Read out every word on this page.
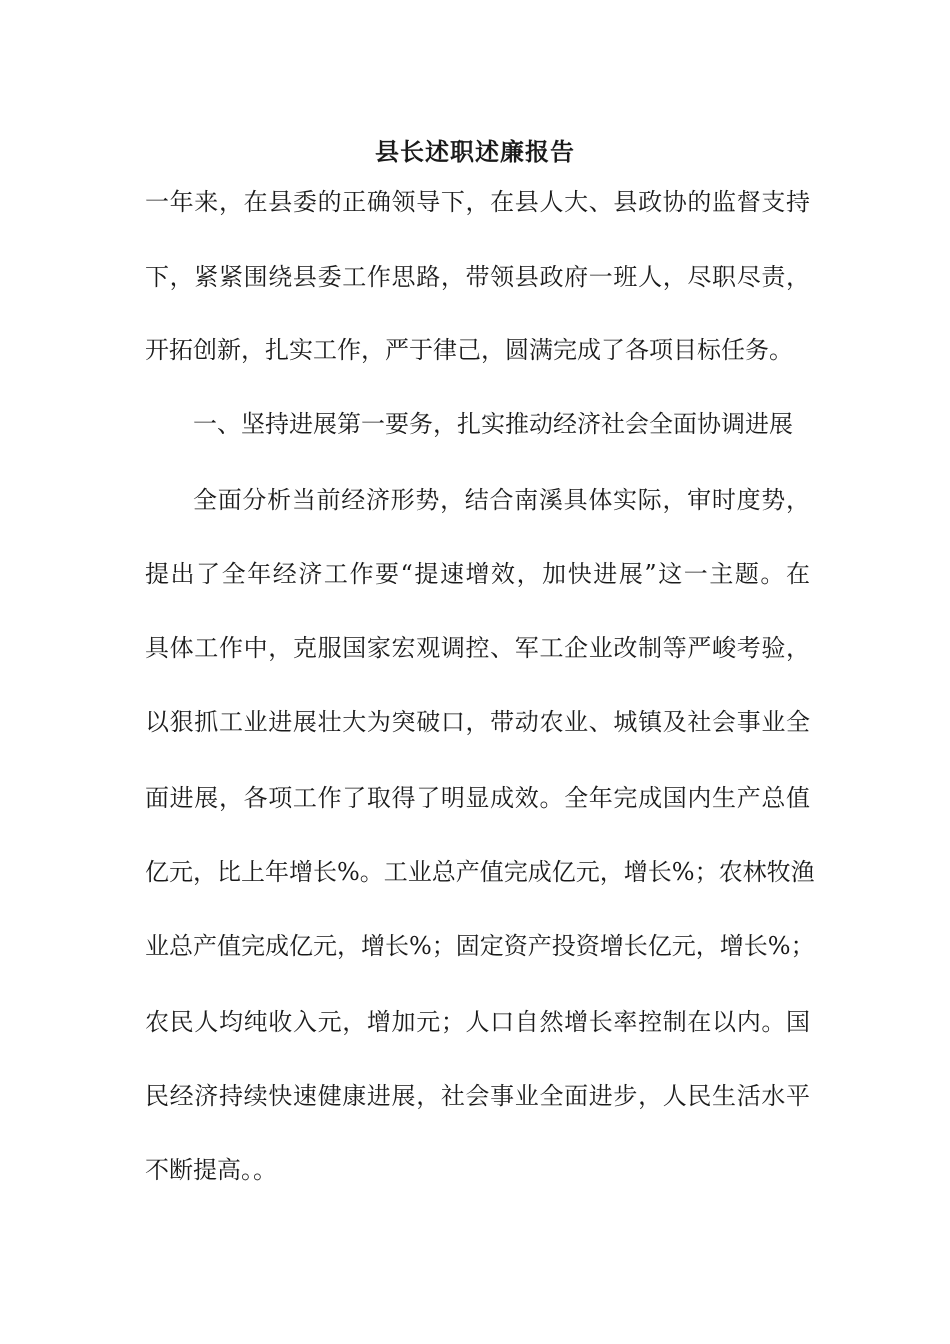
县长述职述廉报告
一年来，在县委的正确领导下，在县人大、县政协的监督支持
下，紧紧围绕县委工作思路，带领县政府一班人，尽职尽责，
开拓创新，扎实工作，严于律己，圆满完成了各项目标任务。
一、坚持进展第一要务，扎实推动经济社会全面协调进展
全面分析当前经济形势，结合南溪具体实际，审时度势，
提出了全年经济工作要“提速增效，加快进展”这一主题。在
具体工作中，克服国家宏观调控、军工企业改制等严峻考验，
以狠抓工业进展壮大为突破口，带动农业、城镇及社会事业全
面进展，各项工作了取得了明显成效。全年完成国内生产总值
亿元，比上年增长%。工业总产值完成亿元，增长%；农林牧渔
业总产值完成亿元，增长%；固定资产投资增长亿元，增长%；
农民人均纯收入元，增加元；人口自然增长率控制在以内。国
民经济持续快速健康进展，社会事业全面进步，人民生活水平
不断提高。。
